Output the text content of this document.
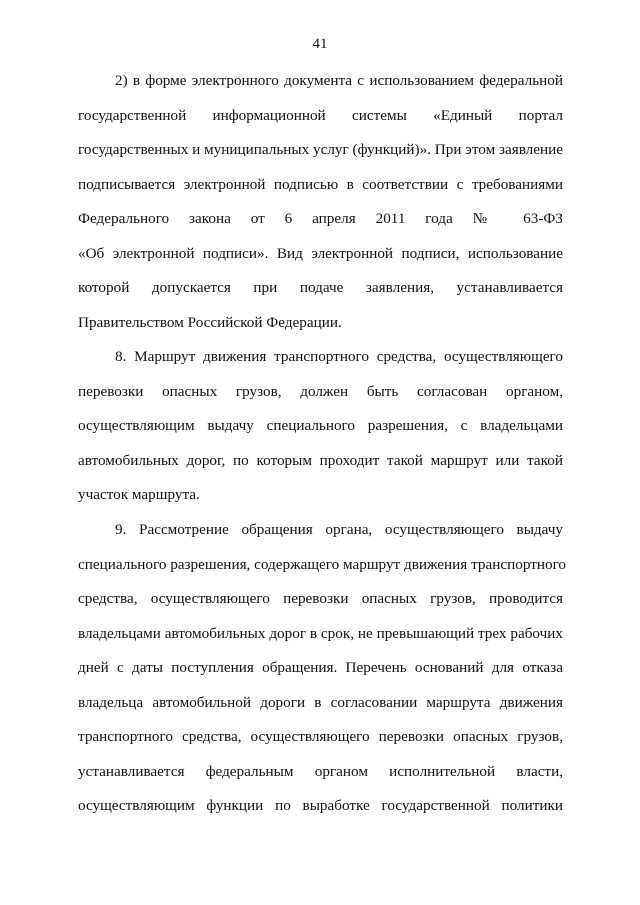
41
2) в форме электронного документа с использованием федеральной
государственной информационной системы «Единый портал
государственных и муниципальных услуг (функций)». При этом заявление
подписывается электронной подписью в соответствии с требованиями
Федерального закона от 6 апреля 2011 года № 63-ФЗ
«Об электронной подписи». Вид электронной подписи, использование
которой допускается при подаче заявления, устанавливается
Правительством Российской Федерации.
8. Маршрут движения транспортного средства, осуществляющего
перевозки опасных грузов, должен быть согласован органом,
осуществляющим выдачу специального разрешения, с владельцами
автомобильных дорог, по которым проходит такой маршрут или такой
участок маршрута.
9. Рассмотрение обращения органа, осуществляющего выдачу
специального разрешения, содержащего маршрут движения транспортного
средства, осуществляющего перевозки опасных грузов, проводится
владельцами автомобильных дорог в срок, не превышающий трех рабочих
дней с даты поступления обращения. Перечень оснований для отказа
владельца автомобильной дороги в согласовании маршрута движения
транспортного средства, осуществляющего перевозки опасных грузов,
устанавливается федеральным органом исполнительной власти,
осуществляющим функции по выработке государственной политики
